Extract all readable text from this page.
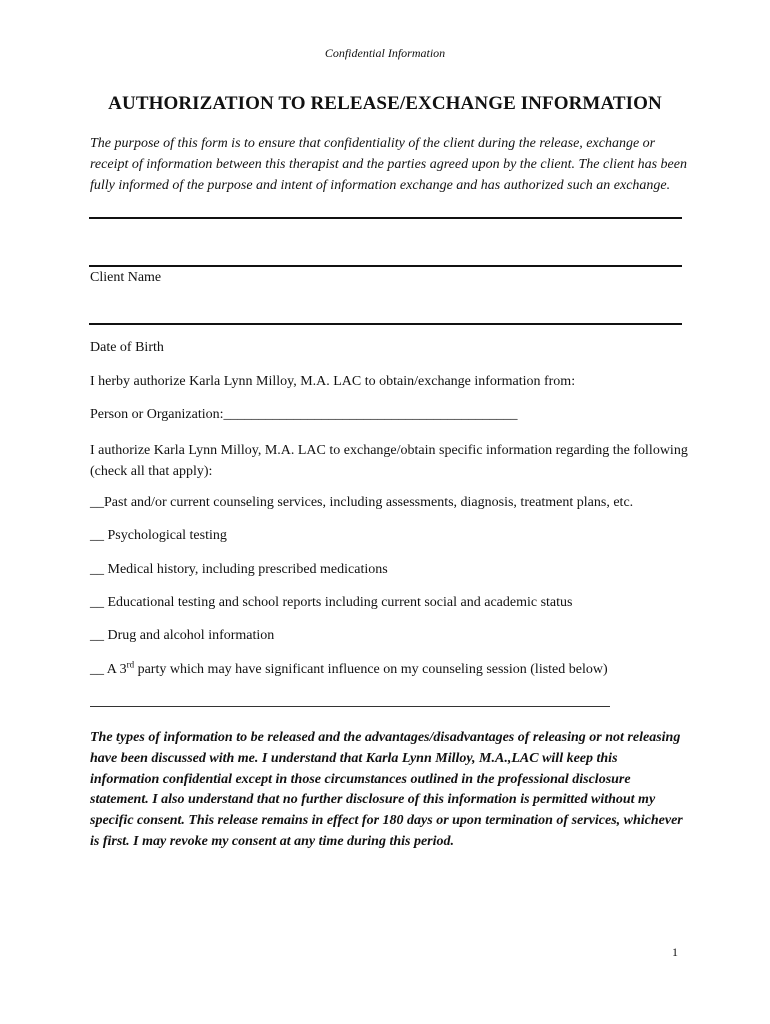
Confidential Information
AUTHORIZATION TO RELEASE/EXCHANGE INFORMATION
The purpose of this form is to ensure that confidentiality of the client during the release, exchange or receipt of information between this therapist and the parties agreed upon by the client. The client has been fully informed of the purpose and intent of information exchange and has authorized such an exchange.
Client Name
Date of Birth
I herby authorize Karla Lynn Milloy, M.A. LAC to obtain/exchange information from:
Person or Organization:__________________________________________
I authorize Karla Lynn Milloy, M.A. LAC to exchange/obtain specific information regarding the following (check all that apply):
__Past and/or current counseling services, including assessments, diagnosis, treatment plans, etc.
__ Psychological testing
__ Medical history, including prescribed medications
__ Educational testing and school reports including current social and academic status
__ Drug and alcohol information
__ A 3rd party which may have significant influence on my counseling session (listed below)
The types of information to be released and the advantages/disadvantages of releasing or not releasing have been discussed with me. I understand that Karla Lynn Milloy, M.A.,LAC will keep this information confidential except in those circumstances outlined in the professional disclosure statement. I also understand that no further disclosure of this information is permitted without my specific consent. This release remains in effect for 180 days or upon termination of services, whichever is first. I may revoke my consent at any time during this period.
1
